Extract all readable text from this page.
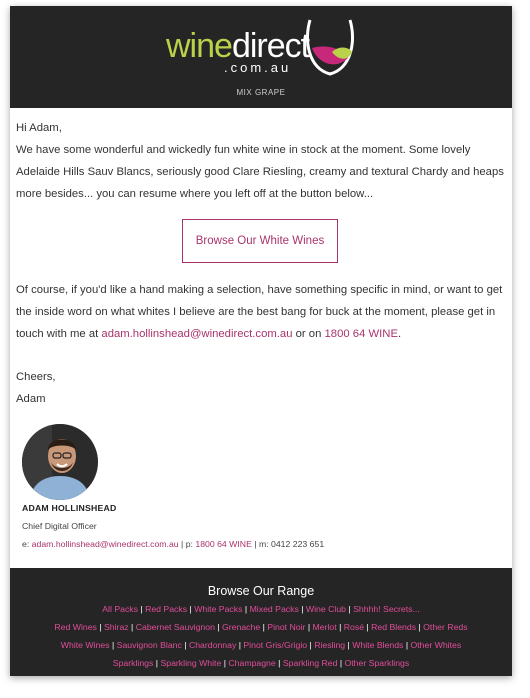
winedirect
.com.au
MIX GRAPE
Hi Adam,
We have some wonderful and wickedly fun white wine in stock at the moment. Some lovely Adelaide Hills Sauv Blancs, seriously good Clare Riesling, creamy and textural Chardy and heaps more besides... you can resume where you left off at the button below...
Browse Our White Wines
Of course, if you'd like a hand making a selection, have something specific in mind, or want to get the inside word on what whites I believe are the best bang for buck at the moment, please get in touch with me at adam.hollinshead@winedirect.com.au or on 1800 64 WINE.
Cheers,
Adam
ADAM HOLLINSHEAD
Chief Digital Officer
e: adam.hollinshead@winedirect.com.au | p: 1800 64 WINE | m: 0412 223 651
Browse Our Range
All Packs | Red Packs | White Packs | Mixed Packs | Wine Club | Shhhh! Secrets...
Red Wines | Shiraz | Cabernet Sauvignon | Grenache | Pinot Noir | Merlot | Rosé | Red Blends | Other Reds
White Wines | Sauvignon Blanc | Chardonnay | Pinot Gris/Grigio | Riesling | White Blends | Other Whites
Sparklings | Sparkling White | Champagne | Sparkling Red | Other Sparklings
